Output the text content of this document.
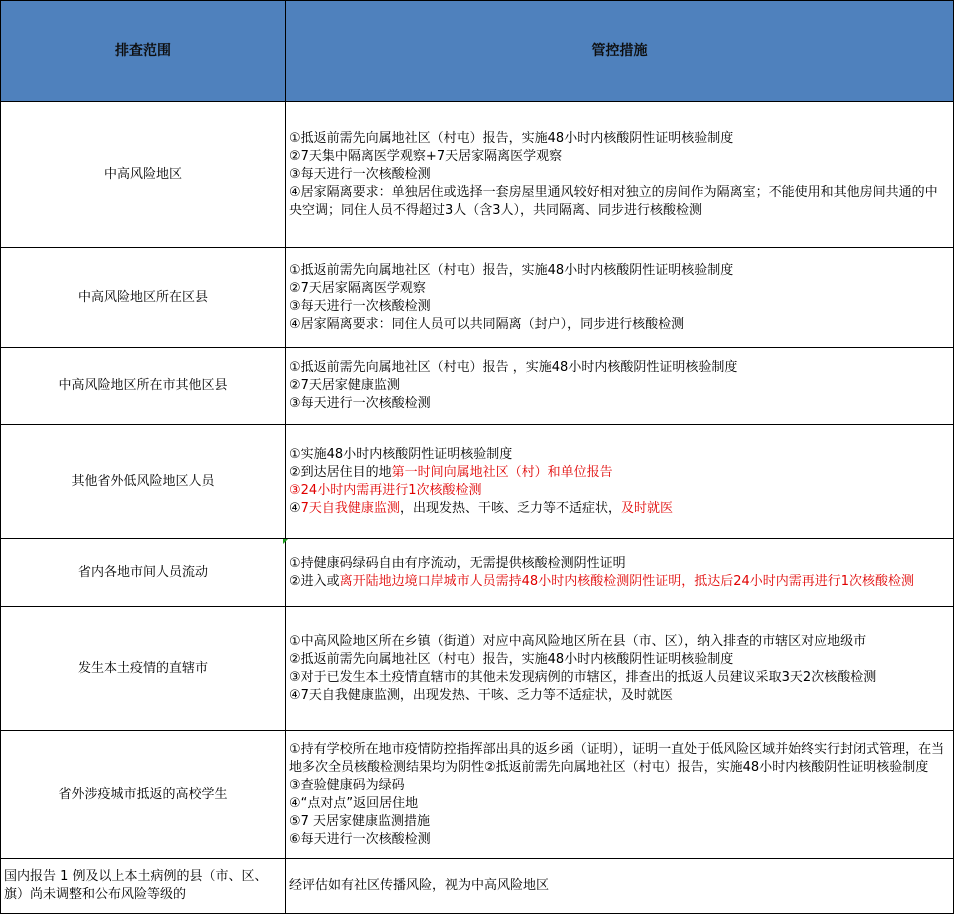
排查范围	管控措施
中高风险地区	①抵返前需先向属地社区（村屯）报告，实施48小时内核酸阴性证明核验制度
②7天集中隔离医学观察+7天居家隔离医学观察
③每天进行一次核酸检测
④居家隔离要求：单独居住或选择一套房屋里通风较好相对独立的房间作为隔离室；不能使用和其他房间共通的中央空调；同住人员不得超过3人（含3人），共同隔离、同步进行核酸检测

中高风险地区所在区县	①抵返前需先向属地社区（村屯）报告，实施48小时内核酸阴性证明核验制度
②7天居家隔离医学观察
③每天进行一次核酸检测
④居家隔离要求：同住人员可以共同隔离（封户），同步进行核酸检测

中高风险地区所在市其他区县	①抵返前需先向属地社区（村屯）报告 ，实施48小时内核酸阴性证明核验制度
②7天居家健康监测
③每天进行一次核酸检测

其他省外低风险地区人员	①实施48小时内核酸阴性证明核验制度
②到达居住目的地第一时间向属地社区（村）和单位报告
③24小时内需再进行1次核酸检测
④7天自我健康监测，出现发热、干咳、乏力等不适症状，及时就医

省内各地市间人员流动	①持健康码绿码自由有序流动，无需提供核酸检测阴性证明
②进入或离开陆地边境口岸城市人员需持48小时内核酸检测阴性证明，抵达后24小时内需再进行1次核酸检测

发生本土疫情的直辖市	①中高风险地区所在乡镇（街道）对应中高风险地区所在县（市、区），纳入排查的市辖区对应地级市
②抵返前需先向属地社区（村屯）报告，实施48小时内核酸阴性证明核验制度
③对于已发生本土疫情直辖市的其他未发现病例的市辖区，排查出的抵返人员建议采取3天2次核酸检测
④7天自我健康监测，出现发热、干咳、乏力等不适症状，及时就医

省外涉疫城市抵返的高校学生	①持有学校所在地市疫情防控指挥部出具的返乡函（证明），证明一直处于低风险区域并始终实行封闭式管理，在当地多次全员核酸检测结果均为阴性②抵返前需先向属地社区（村屯）报告，实施48小时内核酸阴性证明核验制度
③查验健康码为绿码
④“点对点”返回居住地
⑤7 天居家健康监测措施
⑥每天进行一次核酸检测

国内报告 1 例及以上本土病例的县（市、区、旗）尚未调整和公布风险等级的	经评估如有社区传播风险，视为中高风险地区
